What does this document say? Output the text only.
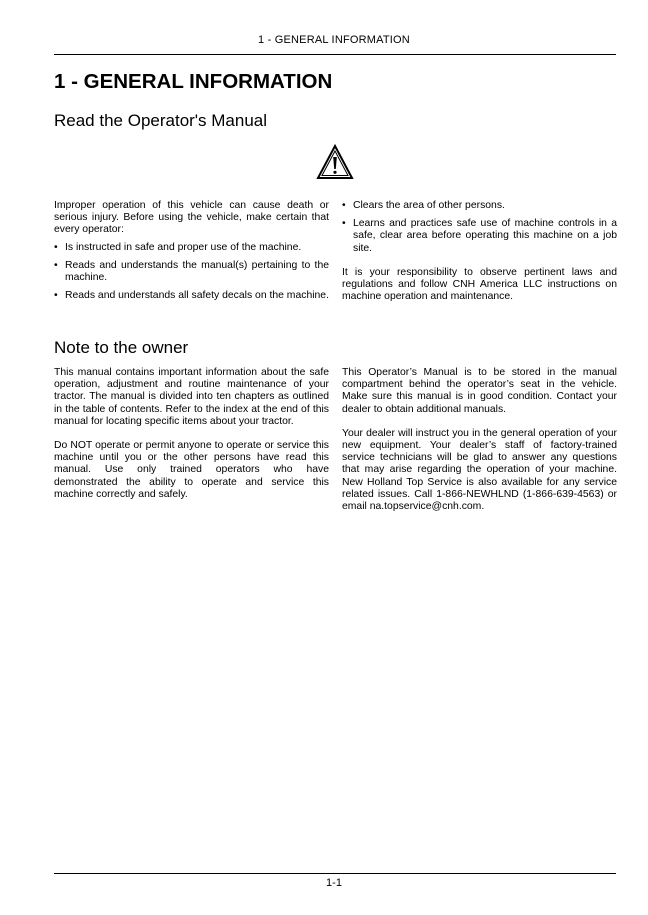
1 - GENERAL INFORMATION
1 - GENERAL INFORMATION
Read the Operator's Manual

Improper operation of this vehicle can cause death or serious injury. Before using the vehicle, make certain that every operator:

• Is instructed in safe and proper use of the machine.
• Reads and understands the manual(s) pertaining to the machine.
• Reads and understands all safety decals on the machine.
• Clears the area of other persons.
• Learns and practices safe use of machine controls in a safe, clear area before operating this machine on a job site.

It is your responsibility to observe pertinent laws and regulations and follow CNH America LLC instructions on machine operation and maintenance.

Note to the owner

This manual contains important information about the safe operation, adjustment and routine maintenance of your tractor. The manual is divided into ten chapters as outlined in the table of contents. Refer to the index at the end of this manual for locating specific items about your tractor.

Do NOT operate or permit anyone to operate or service this machine until you or the other persons have read this manual. Use only trained operators who have demonstrated the ability to operate and service this machine correctly and safely.

This Operator’s Manual is to be stored in the manual compartment behind the operator’s seat in the vehicle. Make sure this manual is in good condition. Contact your dealer to obtain additional manuals.

Your dealer will instruct you in the general operation of your new equipment. Your dealer’s staff of factory-trained service technicians will be glad to answer any questions that may arise regarding the operation of your machine. New Holland Top Service is also available for any service related issues. Call 1-866-NEWHLND (1-866-639-4563) or email na.topservice@cnh.com.

1-1
